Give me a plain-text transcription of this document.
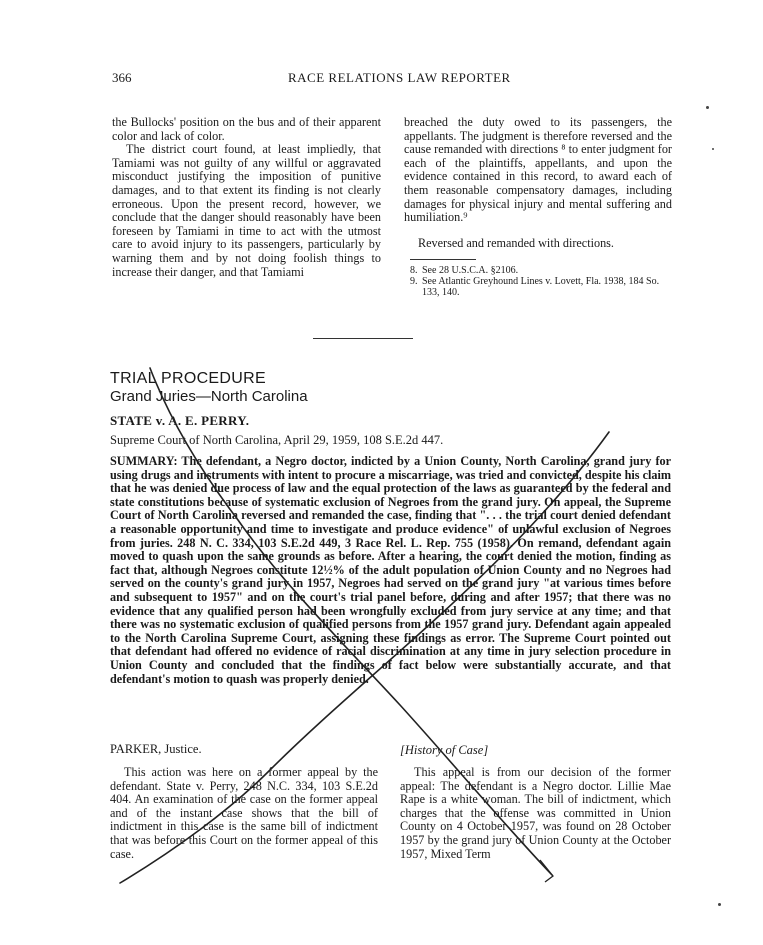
366	RACE RELATIONS LAW REPORTER

the Bullocks' position on the bus and of their apparent color and lack of color.

The district court found, at least impliedly, that Tamiami was not guilty of any willful or aggravated misconduct justifying the imposition of punitive damages, and to that extent its finding is not clearly erroneous. Upon the present record, however, we conclude that the danger should reasonably have been foreseen by Tamiami in time to act with the utmost care to avoid injury to its passengers, particularly by warning them and by not doing foolish things to increase their danger, and that Tamiami

breached the duty owed to its passengers, the appellants. The judgment is therefore reversed and the cause remanded with directions ⁸ to enter judgment for each of the plaintiffs, appellants, and upon the evidence contained in this record, to award each of them reasonable compensatory damages, including damages for physical injury and mental suffering and humiliation.⁹

Reversed and remanded with directions.

8. See 28 U.S.C.A. §2106.
9. See Atlantic Greyhound Lines v. Lovett, Fla. 1938, 184 So. 133, 140.
TRIAL PROCEDURE
Grand Juries—North Carolina
STATE v. A. E. PERRY.
Supreme Court of North Carolina, April 29, 1959, 108 S.E.2d 447.

SUMMARY: The defendant, a Negro doctor, indicted by a Union County, North Carolina, grand jury for using drugs and instruments with intent to procure a miscarriage, was tried and convicted, despite his claim that he was denied due process of law and the equal protection of the laws as guaranteed by the federal and state constitutions because of systematic exclusion of Negroes from the grand jury. On appeal, the Supreme Court of North Carolina reversed and remanded the case, finding that ". . . the trial court denied defendant a reasonable opportunity and time to investigate and produce evidence" of unlawful exclusion of Negroes from juries. 248 N. C. 334, 103 S.E.2d 449, 3 Race Rel. L. Rep. 755 (1958). On remand, defendant again moved to quash upon the same grounds as before. After a hearing, the court denied the motion, finding as fact that, although Negroes constitute 12½% of the adult population of Union County and no Negroes had served on the county's grand jury in 1957, Negroes had served on the grand jury "at various times before and subsequent to 1957" and on the court's trial panel before, during and after 1957; that there was no evidence that any qualified person had been wrongfully excluded from jury service at any time; and that there was no systematic exclusion of qualified persons from the 1957 grand jury. Defendant again appealed to the North Carolina Supreme Court, assigning these findings as error. The Supreme Court pointed out that defendant had offered no evidence of racial discrimination at any time in jury selection procedure in Union County and concluded that the findings of fact below were substantially accurate, and that defendant's motion to quash was properly denied.

PARKER, Justice.	[History of Case]

This action was here on a former appeal by the defendant. State v. Perry, 248 N.C. 334, 103 S.E.2d 404. An examination of the case on the former appeal and of the instant case shows that the bill of indictment in this case is the same bill of indictment that was before this Court on the former appeal of this case.

This appeal is from our decision of the former appeal: The defendant is a Negro doctor. Lillie Mae Rape is a white woman. The bill of indictment, which charges that the offense was committed in Union County on 4 October 1957, was found on 28 October 1957 by the grand jury of Union County at the October 1957, Mixed Term
